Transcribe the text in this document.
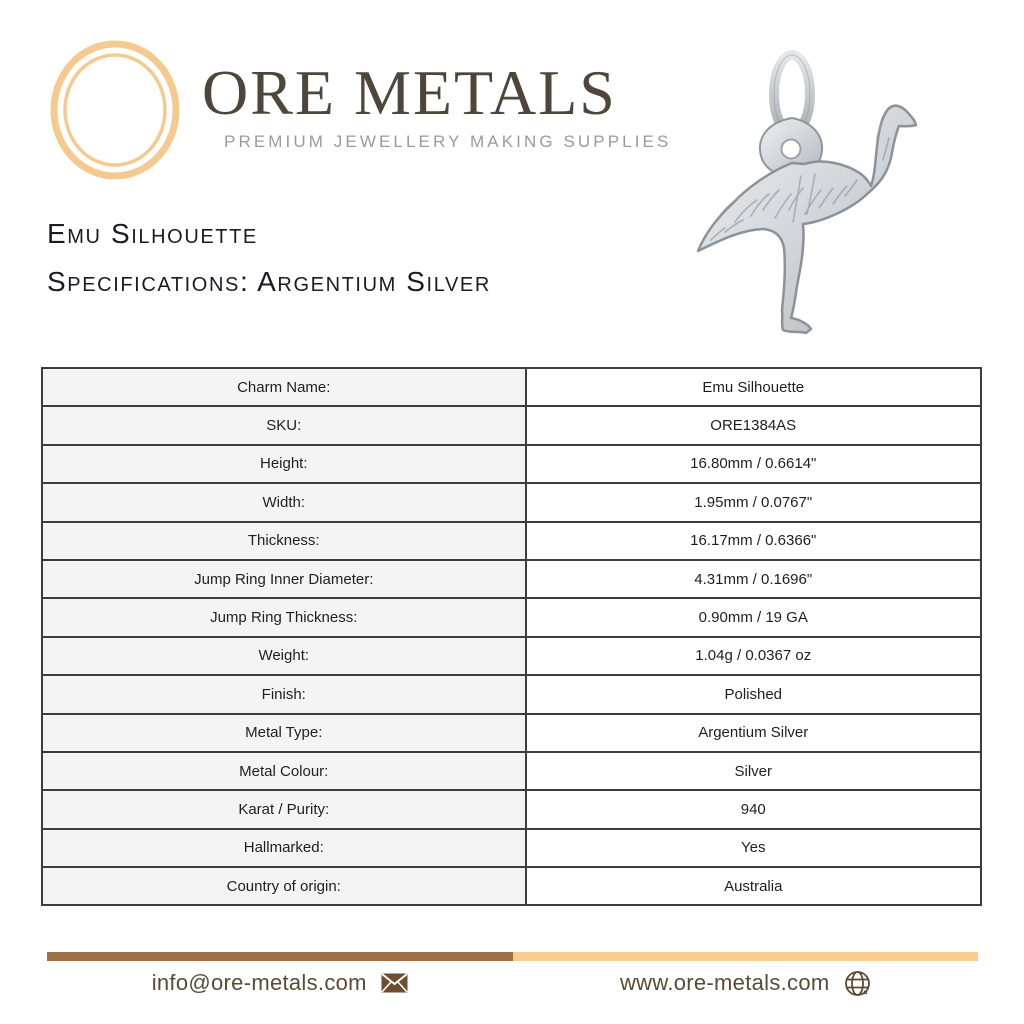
ORE METALS
PREMIUM JEWELLERY MAKING SUPPLIES
Emu Silhouette
Specifications: Argentium Silver
Charm Name:	Emu Silhouette
SKU:	ORE1384AS
Height:	16.80mm / 0.6614"
Width:	1.95mm / 0.0767"
Thickness:	16.17mm / 0.6366"
Jump Ring Inner Diameter:	4.31mm / 0.1696"
Jump Ring Thickness:	0.90mm / 19 GA
Weight:	1.04g / 0.0367 oz
Finish:	Polished
Metal Type:	Argentium Silver
Metal Colour:	Silver
Karat / Purity:	940
Hallmarked:	Yes
Country of origin:	Australia
info@ore-metals.com	www.ore-metals.com
